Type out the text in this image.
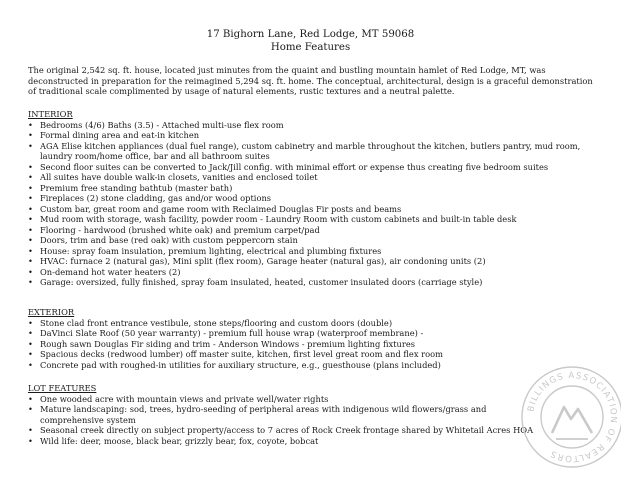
17 Bighorn Lane, Red Lodge, MT 59068
Home Features
The original 2,542 sq. ft. house, located just minutes from the quaint and bustling mountain hamlet of Red Lodge, MT, was deconstructed in preparation for the reimagined 5,294 sq. ft. home. The conceptual, architectural, design is a graceful demonstration of traditional scale complimented by usage of natural elements, rustic textures and a neutral palette.
INTERIOR
• Bedrooms (4/6) Baths (3.5) - Attached multi-use flex room
• Formal dining area and eat-in kitchen
• AGA Elise kitchen appliances (dual fuel range), custom cabinetry and marble throughout the kitchen, butlers pantry, mud room, laundry room/home office, bar and all bathroom suites
• Second floor suites can be converted to Jack/Jill config. with minimal effort or expense thus creating five bedroom suites
• All suites have double walk-in closets, vanities and enclosed toilet
• Premium free standing bathtub (master bath)
• Fireplaces (2) stone cladding, gas and/or wood options
• Custom bar, great room and game room with Reclaimed Douglas Fir posts and beams
• Mud room with storage, wash facility, powder room - Laundry Room with custom cabinets and built-in table desk
• Flooring - hardwood (brushed white oak) and premium carpet/pad
• Doors, trim and base (red oak) with custom peppercorn stain
• House: spray foam insulation, premium lighting, electrical and plumbing fixtures
• HVAC: furnace 2 (natural gas), Mini split (flex room), Garage heater (natural gas), air condoning units (2)
• On-demand hot water heaters (2)
• Garage: oversized, fully finished, spray foam insulated, heated, customer insulated doors (carriage style)
EXTERIOR
• Stone clad front entrance vestibule, stone steps/flooring and custom doors (double)
• DaVinci Slate Roof (50 year warranty) - premium full house wrap (waterproof membrane) -
• Rough sawn Douglas Fir siding and trim - Anderson Windows - premium lighting fixtures
• Spacious decks (redwood lumber) off master suite, kitchen, first level great room and flex room
• Concrete pad with roughed-in utilities for auxiliary structure, e.g., guesthouse (plans included)
LOT FEATURES
• One wooded acre with mountain views and private well/water rights
• Mature landscaping: sod, trees, hydro-seeding of peripheral areas with indigenous wild flowers/grass and comprehensive system
• Seasonal creek directly on subject property/access to 7 acres of Rock Creek frontage shared by Whitetail Acres HOA
• Wild life: deer, moose, black bear, grizzly bear, fox, coyote, bobcat
BILLINGS ASSOCIATION OF REALTORS
